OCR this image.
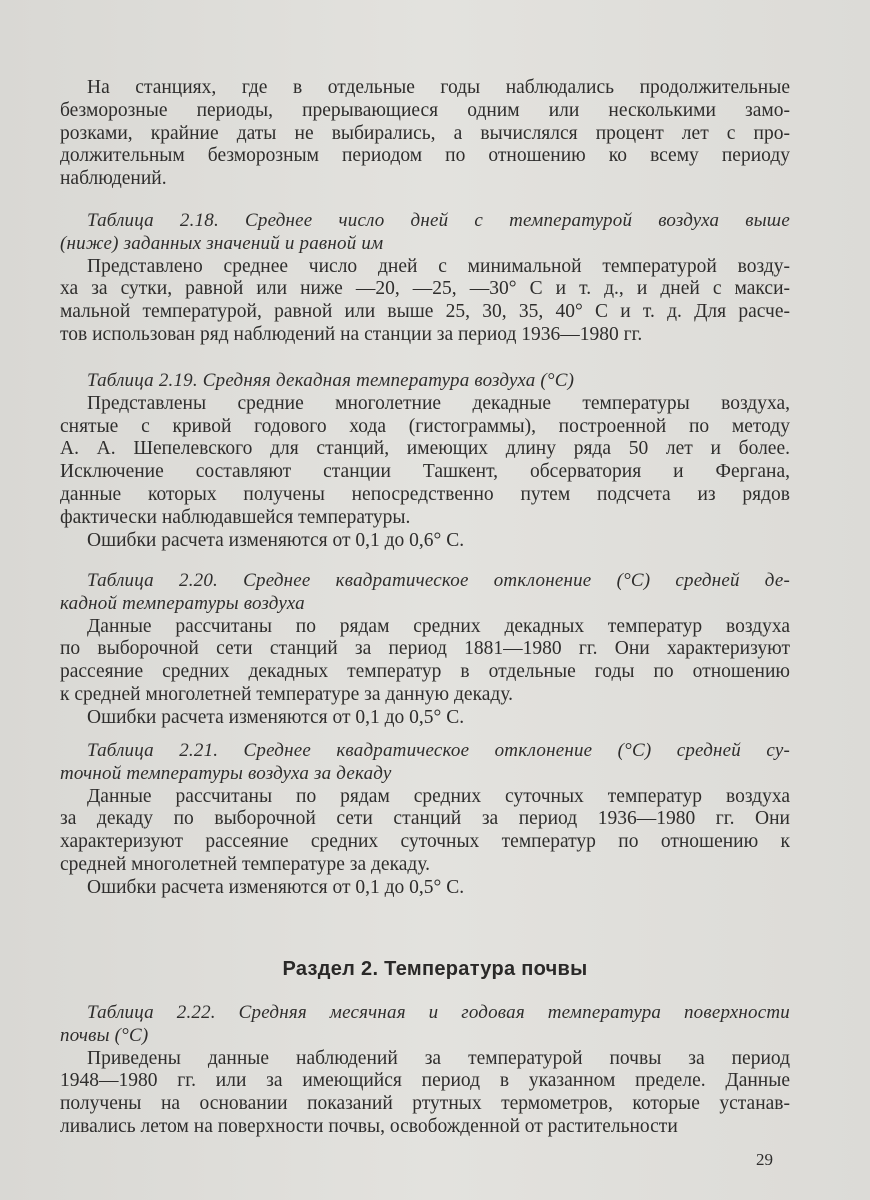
На станциях, где в отдельные годы наблюдались продолжительные
безморозные периоды, прерывающиеся одним или несколькими замо-
розками, крайние даты не выбирались, а вычислялся процент лет с про-
должительным безморозным периодом по отношению ко всему периоду
наблюдений.
Таблица 2.18. Среднее число дней с температурой воздуха выше
(ниже) заданных значений и равной им
Представлено среднее число дней с минимальной температурой возду-
ха за сутки, равной или ниже —20, —25, —30° С и т. д., и дней с макси-
мальной температурой, равной или выше 25, 30, 35, 40° С и т. д. Для расче-
тов использован ряд наблюдений на станции за период 1936—1980 гг.
Таблица 2.19. Средняя декадная температура воздуха (°С)
Представлены средние многолетние декадные температуры воздуха,
снятые с кривой годового хода (гистограммы), построенной по методу
А. А. Шепелевского для станций, имеющих длину ряда 50 лет и более.
Исключение составляют станции Ташкент, обсерватория и Фергана,
данные которых получены непосредственно путем подсчета из рядов
фактически наблюдавшейся температуры.
Ошибки расчета изменяются от 0,1 до 0,6° С.
Таблица 2.20. Среднее квадратическое отклонение (°С) средней де-
кадной температуры воздуха
Данные рассчитаны по рядам средних декадных температур воздуха
по выборочной сети станций за период 1881—1980 гг. Они характеризуют
рассеяние средних декадных температур в отдельные годы по отношению
к средней многолетней температуре за данную декаду.
Ошибки расчета изменяются от 0,1 до 0,5° С.
Таблица 2.21. Среднее квадратическое отклонение (°С) средней су-
точной температуры воздуха за декаду
Данные рассчитаны по рядам средних суточных температур воздуха
за декаду по выборочной сети станций за период 1936—1980 гг. Они
характеризуют рассеяние средних суточных температур по отношению к
средней многолетней температуре за декаду.
Ошибки расчета изменяются от 0,1 до 0,5° С.
Раздел 2. Температура почвы
Таблица 2.22. Средняя месячная и годовая температура поверхности
почвы (°С)
Приведены данные наблюдений за температурой почвы за период
1948—1980 гг. или за имеющийся период в указанном пределе. Данные
получены на основании показаний ртутных термометров, которые устанав-
ливались летом на поверхности почвы, освобожденной от растительности
29
